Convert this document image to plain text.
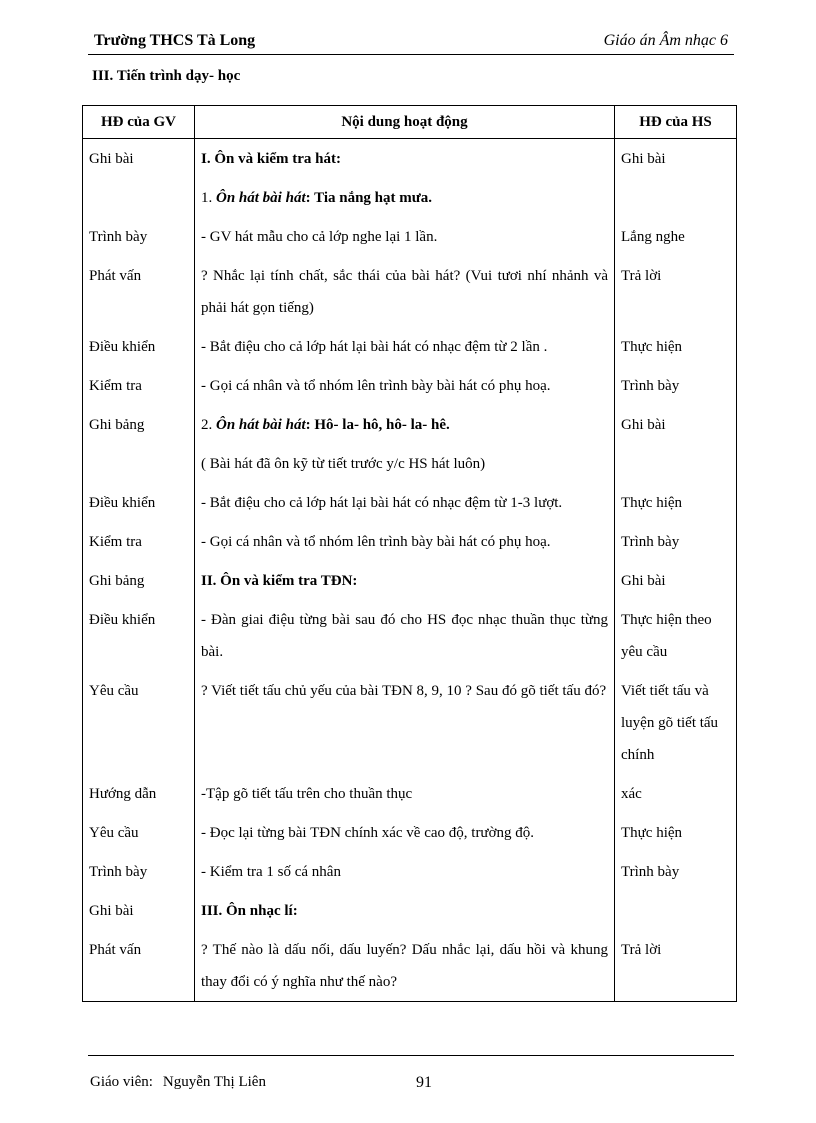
Trường THCS Tà Long	Giáo án Âm nhạc 6
III. Tiến trình dạy- học
HĐ của GV	Nội dung hoạt động	HĐ của HS
Ghi bài	I. Ôn và kiểm tra hát:	Ghi bài
	1. Ôn hát bài hát: Tia nắng hạt mưa.	
Trình bày	- GV hát mẫu cho cả lớp nghe lại 1 lần.	Lắng nghe
Phát vấn	? Nhắc lại tính chất, sắc thái của bài hát? (Vui tươi nhí nhảnh và phải hát gọn tiếng)	Trả lời
Điều khiển	- Bắt điệu cho cả lớp hát lại bài hát có nhạc đệm từ 2 lần .	Thực hiện
Kiểm tra	- Gọi cá nhân và tổ nhóm lên trình bày bài hát có phụ hoạ.	Trình bày
Ghi bảng	2. Ôn hát bài hát: Hô- la- hô, hô- la- hê.	Ghi bài
	( Bài hát đã ôn kỹ từ tiết trước y/c HS hát luôn)	
Điều khiển	- Bắt điệu cho cả lớp hát lại bài hát có nhạc đệm từ 1-3 lượt.	Thực hiện
Kiểm tra	- Gọi cá nhân và tổ nhóm lên trình bày bài hát có phụ hoạ.	Trình bày
Ghi bảng	II. Ôn và kiểm tra TĐN:	Ghi bài
Điều khiển	- Đàn giai điệu từng bài sau đó cho HS đọc nhạc thuần thục từng bài.	Thực hiện theo yêu cầu
Yêu cầu	? Viết tiết tấu chủ yếu của bài TĐN 8, 9, 10 ? Sau đó gõ tiết tấu đó?	Viết tiết tấu và luyện gõ tiết tấu chính
Hướng dẫn	-Tập gõ tiết tấu trên cho thuần thục	xác
Yêu cầu	- Đọc lại từng bài TĐN chính xác về cao độ, trường độ.	Thực hiện
Trình bày	- Kiểm tra 1 số cá nhân	Trình bày
Ghi bài	III. Ôn nhạc lí:	
Phát vấn	? Thế nào là dấu nối, dấu luyến? Dấu nhắc lại, dấu hồi và khung thay đổi có ý nghĩa như thế nào?	Trả lời
Giáo viên: Nguyễn Thị Liên	91
